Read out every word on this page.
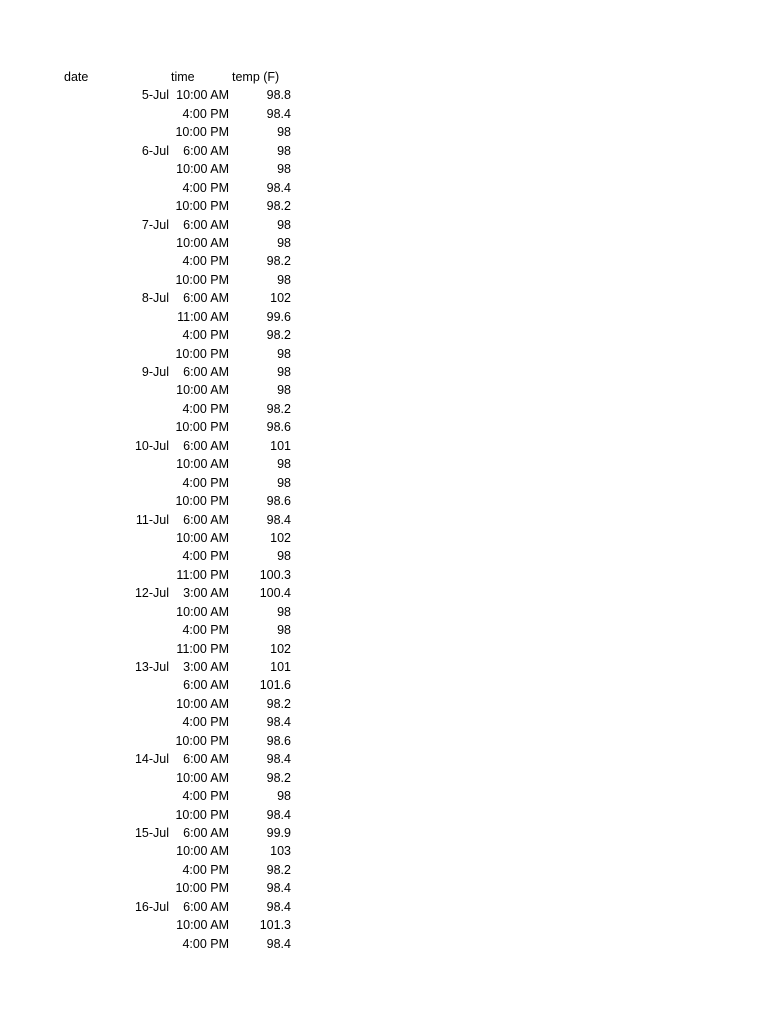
date	time	temp (F)
5-Jul 10:00 AM	98.8
4:00 PM	98.4
10:00 PM	98
6-Jul 6:00 AM	98
10:00 AM	98
4:00 PM	98.4
10:00 PM	98.2
7-Jul 6:00 AM	98
10:00 AM	98
4:00 PM	98.2
10:00 PM	98
8-Jul 6:00 AM	102
11:00 AM	99.6
4:00 PM	98.2
10:00 PM	98
9-Jul 6:00 AM	98
10:00 AM	98
4:00 PM	98.2
10:00 PM	98.6
10-Jul 6:00 AM	101
10:00 AM	98
4:00 PM	98
10:00 PM	98.6
11-Jul 6:00 AM	98.4
10:00 AM	102
4:00 PM	98
11:00 PM 100.3
12-Jul 3:00 AM 100.4
10:00 AM	98
4:00 PM	98
11:00 PM	102
13-Jul 3:00 AM	101
6:00 AM 101.6
10:00 AM	98.2
4:00 PM	98.4
10:00 PM	98.6
14-Jul 6:00 AM	98.4
10:00 AM	98.2
4:00 PM	98
10:00 PM	98.4
15-Jul 6:00 AM	99.9
10:00 AM	103
4:00 PM	98.2
10:00 PM	98.4
16-Jul 6:00 AM	98.4
10:00 AM 101.3
4:00 PM	98.4
